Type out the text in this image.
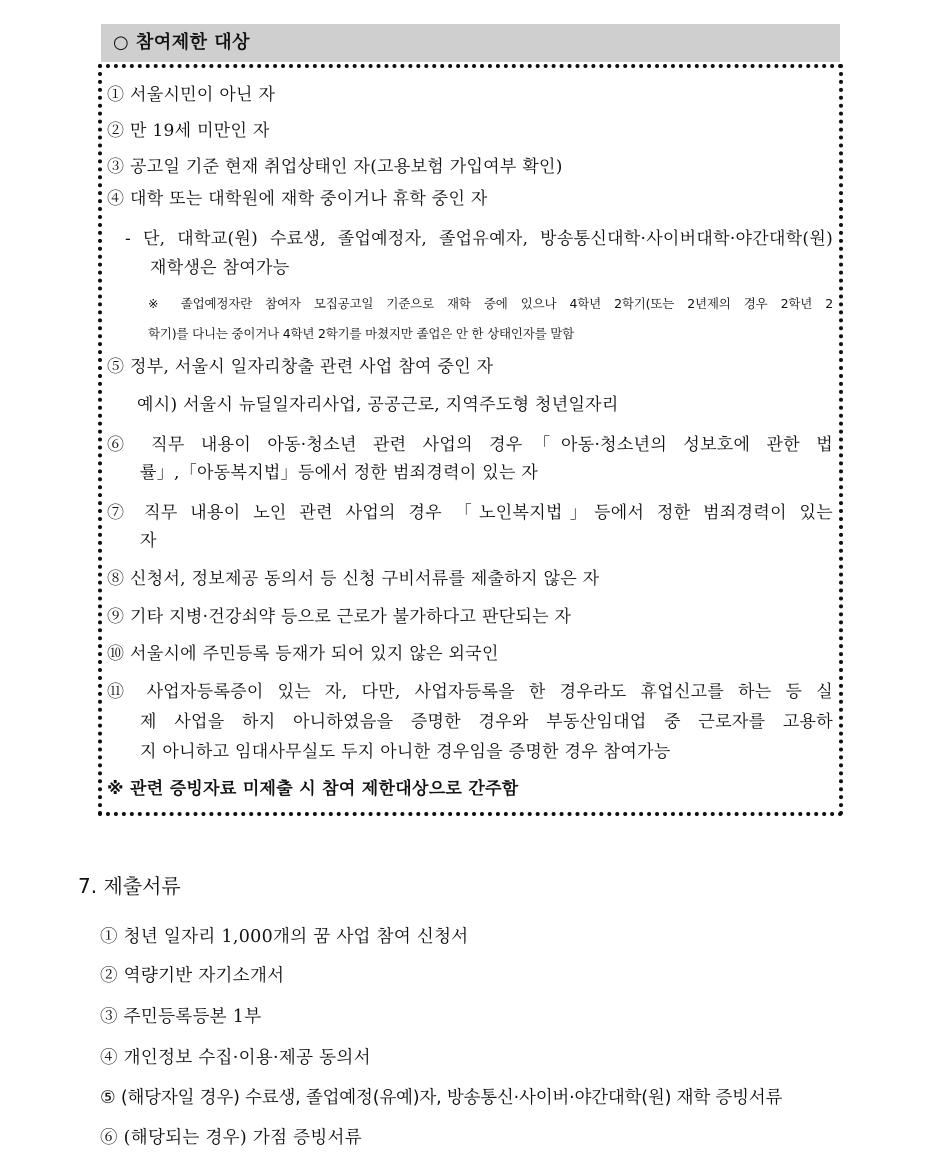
○ 참여제한 대상
① 서울시민이 아닌 자
② 만 19세 미만인 자
③ 공고일 기준 현재 취업상태인 자(고용보험 가입여부 확인)
④ 대학 또는 대학원에 재학 중이거나 휴학 중인 자
- 단, 대학교(원) 수료생, 졸업예정자, 졸업유예자, 방송통신대학·사이버대학·야간대학(원)
재학생은 참여가능
※ 졸업예정자란 참여자 모집공고일 기준으로 재학 중에 있으나 4학년 2학기(또는 2년제의 경우 2학년 2
학기)를 다니는 중이거나 4학년 2학기를 마쳤지만 졸업은 안 한 상태인자를 말함
⑤ 정부, 서울시 일자리창출 관련 사업 참여 중인 자
예시) 서울시 뉴딜일자리사업, 공공근로, 지역주도형 청년일자리
⑥ 직무 내용이 아동·청소년 관련 사업의 경우「아동·청소년의 성보호에 관한 법
률」,「아동복지법」등에서 정한 범죄경력이 있는 자
⑦ 직무 내용이 노인 관련 사업의 경우 「노인복지법」등에서 정한 범죄경력이 있는
자
⑧ 신청서, 정보제공 동의서 등 신청 구비서류를 제출하지 않은 자
⑨ 기타 지병·건강쇠약 등으로 근로가 불가하다고 판단되는 자
⑩ 서울시에 주민등록 등재가 되어 있지 않은 외국인
⑪ 사업자등록증이 있는 자, 다만, 사업자등록을 한 경우라도 휴업신고를 하는 등 실
제 사업을 하지 아니하였음을 증명한 경우와 부동산임대업 중 근로자를 고용하
지 아니하고 임대사무실도 두지 아니한 경우임을 증명한 경우 참여가능
※ 관련 증빙자료 미제출 시 참여 제한대상으로 간주함
7. 제출서류
① 청년 일자리 1,000개의 꿈 사업 참여 신청서
② 역량기반 자기소개서
③ 주민등록등본 1부
④ 개인정보 수집·이용·제공 동의서
⑤ (해당자일 경우) 수료생, 졸업예정(유예)자, 방송통신·사이버·야간대학(원) 재학 증빙서류
⑥ (해당되는 경우) 가점 증빙서류
